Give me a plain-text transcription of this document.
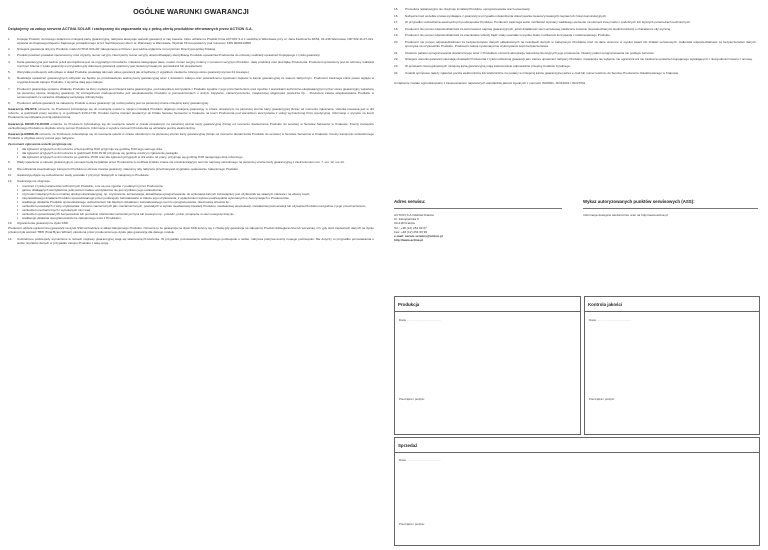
OGÓLNE WARUNKI GWARANCJI

Dziękujemy za zakup serwera ACTINA SOLAR i zachęcamy do zapoznania się z pełną ofertą produktów oferowanych przez ACTION S.A.

1.	Kupując Produkt, do którego dołączono niniejszą kartę gwarancyjną, nabywca akceptuje warunki gwarancji w niej zawarte, które udziela na Produkt firma ACTION S.A z siedzibą w Warszawie przy ul. Jana Kazimierza 46/54, 01-248 Warszawa, NIP 522-11-07-221, wpisana do Krajowego Rejestru Sądowego prowadzonego przez Sąd Rejonowy dla m.st. Warszawy w Warszawie, Wydział XII Gospodarczy pod numerem KRS 0000214658
2.	Niniejsza gwarancja dotyczy Produktu marki ACTINA SOLAR zakupionego w Polsce i jest ważna wyłącznie na terytorium Rzeczypospolitej Polskiej.
3.	Produkt powinien posiadać nienaruszony oraz czytelny numer seryjny. Nieczytelny numer seryjny uniemożliwiający identyfikację Produktu upoważnia Producenta do odmowy realizacji uprawnień Kupującego z tytułu gwarancji.
4.	Karta gwarancyjna jest ważna, jeżeli sporządzona jest na oryginalnym formularzu i zawiera następujące dane: model, numer seryjny notamy z numerem seryjnym Produktu , datę produkcji oraz pieczątkę Producenta. Producent uprawniony jest do odmowy realizacji roszczeń Klienta z tytułu gwarancji w przypadku gdy dokument gwarancji opatrzony jest nieautoryzowanymi poprawkami lub skreśleniami.
5.	Wszystkie podzespoły wchodzące w skład Produktu posiadają taki sam okres gwarancji jak urządzenie (z wyjątkiem zasilacza, którego okres gwarancji wynosi 24 miesiące).
6.	Realizacja uprawnień gwarancyjnych odbywać się będzie po przedstawieniu ważnej karty gwarancyjnej wraz z dowodem zakupu oraz potwierdzeniu zgodności zapisów w karcie gwarancyjnej ze stanem faktycznym. Producent zastrzega sobie prawo wglądu w oryginał dowodu zakupu Produktu, z wyraźną datą jego zakupu.
7.	Producent gwarantuje sprawne działanie Produktu na który wydana jest niniejsza karta gwarancyjna, pod warunkiem korzystania z Produktu zgodnie z jego przeznaczeniem oraz zgodnie z warunkami techniczno-eksploatacyjnymi przez okres gwarancyjny wskazany na pierwszej stronie niniejszej gwarancji. W szczególności niedopuszczalne jest eksploatowanie Produktu w pomieszczeniach o dużym zapyleniu, zanieczyszczeniu, zwiększonej wilgotności powietrza itp.... Producent zaleca eksploatowanie Produktu w serwerowniach ze sprawnie działającą wentylacją i klimatyzacją.
8.	Producent udziela gwarancji na zakupiony Produkt a okres gwarancji i jej rodzaj podany jest na pierwszej stronie niniejszej karty gwarancyjnej.

Gwarancja ON-SITE oznacza, że Producent zobowiązuje się do usunięcia usterki w miejscu instalacji Produktu objętego niniejszą gwarancją, w czasie określonym na pierwszej stronie karty gwarancyjnej (licząc od momentu zgłoszenia. Usterka usuwana jest w dni robocze, w godzinach pracy serwisu tj. w godzinach 9:00-17:00. Produkt można również dostarczyć do Działu Serwisu Serwerów w Krakowie na koszt Producenta pod warunkiem skorzystania z usługi wyznaczonej firmy spedycyjnej. Informacje o wysyłce na koszt Producenta są udzielane pocztą elektroniczną.

Gwarancja DOOR-TO-DOOR oznacza, że Producent zobowiązuje się do usunięcia usterki w czasie określonym na pierwszej stronie karty gwarancyjnej (licząc od momentu dostarczenia Produktu do serwisu) w Serwisie Serwerów w Krakowie. Koszty transportu uszkodzonego Produktu w obydwie strony ponosi Producent. Informacje o wysyłce na koszt Producenta są udzielane pocztą elektroniczną.

Gwarancja BRING-IN oznacza, że Producent zobowiązuje się do usunięcia usterki w czasie określonym na pierwszej stronie karty gwarancyjnej (licząc od momentu dostarczenia Produktu do serwisu) w Serwisie Serwerów w Krakowie. Koszty transportu uszkodzonego Produktu w obydwie strony ponosi jego nabywca.

Za moment zgłoszenia usterki przyjmuje się:

• dla zgłoszeń przyjętych w dni robocze przed godziną 8:00 przyjmuje się godzinę 8:00 tego samego dnia.
• dla zgłoszeń przyjętych w dni robocze w godzinach 8:00-15:00 przyjmuje się godzinę w którym zgłoszenie nastąpiło.
• dla zgłoszeń przyjętych w dni robocze po godzinie 15:00 oraz dla zgłoszeń przyjętych w dni wolne od pracy, przyjmuje się godzinę 8:00 następnego dnia roboczego.
9.	Wady ujawnione w okresie gwarancyjnym usunięte będą bezpłatnie przez Producenta w możliwie krótkim czasie nie przekraczającym terminu naprawy określonego na pierwszej stronie karty gwarancyjnej z zastrzeżeniem ust. 7, ust. 12, ust 13.
10.	Dla udzielenia ewentualnego transportu Produktu w okresie trwania gwarancji, zalecamy aby nabywca przechowywał oryginalne opakowanie zakupionego Produktu.
11.	Gwarancją objęte są uszkodzenia i wady powstałe z przyczyn tkwiących w zakupionym Produkcie.
12.	Gwarancja nie obejmuje:
• roszczeń z tytułu parametrów technicznych Produktu, o ile są one zgodne z podanymi przez Producenta,
• głośno działających wentylatorów, jeśli poziom hałasu wentylatorów nie jest wynikiem jego uszkodzenia,
• czynności należących do normalnej obsługi eksploatacyjnej, np. czyszczenie, konserwacja, aktualizacja oprogramowania, do wykonania których zobowiązany jest użytkownik we własnym zakresie i na własny koszt,
• nieprawidłowego działania Produktu spowodowanego przez podzespoły zainstalowane w trakcie jego użytkowania, z wyłączeniem wyłowu podzespołów wykonanych w Autoryzacjach o Producentów,
• wadliwego działania Produktu spowodowanego uszkodzeniem lub błędnym działaniem zainstalowanego na nim oprogramowania, obecnością wirusów itp.,
• uszkodzeń powstałych z winy użytkownika: zarówno zamierzonych jak i niezamierzonych, powstałych w wyniku niewłaściwej instalacji Produktu, niewłaściwej eksploatacji, niewłaściwej konserwacji lub używania Produktu niezgodnie z jego przeznaczeniem,
• uszkodzeń mechanicznych i wywołanych nimi wad,
• uszkodzeń spowodowanych bezpośrednio lub pośrednio zdarzeniami atmosferycznymi lub losowymi np.: powódź, pożar, przepięcie w sieci energetycznej itp.,
• wadliwego działania oprogramowania nie zakupionego wraz z Produktem.
13.	Ograniczenia gwarancji na dyski SSD:

Producent udziela ograniczonej gwarancji na dyski SSD wchodzące w skład zakupionego Produktu. Oznacza to że gwarancja na dyski SSD kończy się z chwilą gdy gwarancja na zakupiony Produkt dobiegła końca lub wcześniej, tzn. gdy ilość zapisanych danych na dysku przekroczyła wartość TBW (Total Bytes Written) określoną przez producenta tego dysku jako gwarancję dla danego modelu.

14.	Uszkodzone podzespoły wymienione w ramach naprawy gwarancyjnej stają się własnością Producenta. W przypadku pozostawienia uszkodzonego podzespołu u siebie, nabywca pokrywa koszty nowego podzespołu. Nie dotyczy to przypadku pozostawienia u siebie nośników danych w przypadku zakupu Produktu z taką opcją.
15.	Procedura reklamacyjna nie obejmuje instalacji Produktu, oprogramowania oraz konserwacji.
16.	Nabywca traci wszelkie prawa wynikające z gwarancji w przypadku stwierdzenia dokonywania nieautoryzowanych napraw lub zmian konstrukcyjnych.
17.	W przypadku uszkodzenia wewnętrznych podzespołów Produktu, Producent zastrzega sobie możliwość wymiany wadliwego elementu na element innej marki o podobnych lub lepszych parametrach technicznych.
18.	Producent nie ponosi odpowiedzialności za terminowość napraw gwarancyjnych, jeżeli działalność sieci serwisowej zakłócona zostanie niepowiedzianymi okolicznościami o charakterze siły wyższej.
19.	Producent nie ponosi odpowiedzialności za ewentualne szkody bądź straty powstałe w wyniku braku możliwości korzystania z reklamowanego Produktu.
20.	Producent nie ponosi odpowiedzialności za bezpieczeństwo danych składowanych na nośnikach danych w zakupionym Produkcie oraz za dane stracone w wyniku awarii lub działań serwisowych. Całkowita odpowiedzialność za bezpieczeństwo danych spoczywa na użytkowniku Produktu. Producent zaleca systematyczne wykonywanie kopii bezpieczeństwa.
21.	Otwarcie pakietu oprogramowania dostarczonego wraz z Produktem oznacza akceptację warunków licencyjnych jego producenta. Otwarty pakiet oprogramowania nie podlega zwrotowi.
22.	Niniejsze warunki gwarancji określają obowiązki Producenta z tytułu udzielonej gwarancji jak i zakres uprawnień nabywcy Produktu. Gwarancja nie wyłącza, nie ogranicza ani nie zawiesza uprawnień kupującego wynikających z niezgodności towaru z umową.
23.	W sprawach nieuregulowanych niniejszą kartą gwarancyjną mają zastosowanie odpowiednie przepisy Kodeksu Cywilnego.
24.	Ustanki sprzętowe należy zgłaszać pocztą elektroniczną lub telefonicznie na podany w niniejszej karcie gwarancyjnej adres e-mail lub numer telefonu do Serwisu Producenta zlokalizowanego w Krakowie.

Urządzenie zostało wyprodukowane z zastosowaniem najnowszych standardów jakości zgodnych z normami ISO9001, ISO14001 i ISO27001

Adres serwisu:
ACTION S.A Oddział Kraków
Ul. Zakopiańska 9
30-418 Kraków
Tel.: +48 (12) 254 69 07
Fax: +48 (12) 254 69 99
e-mail: serwis.serwery@action.pl
http://www.actina.pl
Wykaz autoryzowanych punktów serwisowych (ASS):
Informacja dostępna telefonicznie oraz na http://www.actina.pl
Produkcja
Data: ……………………………
Pieczątka i podpis:
Kontrola jakości
Data: ……………………………
Pieczątka i podpis:
Sprzedaż
Data: ……………………………
Pieczątka i podpis:
